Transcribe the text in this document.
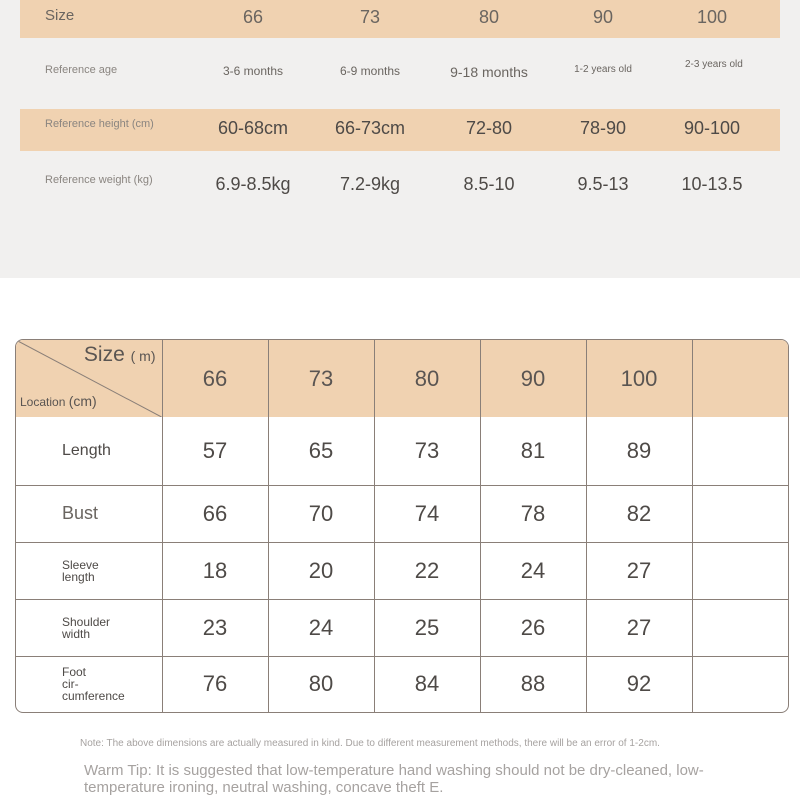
Size	66	73	80	90	100
Reference age	3-6 months	6-9 months	9-18 months	1-2 years old	2-3 years old
Reference height (cm)	60-68cm	66-73cm	72-80	78-90	90-100
Reference weight (kg)	6.9-8.5kg	7.2-9kg	8.5-10	9.5-13	10-13.5
Size ( m)
Location (cm)	66	73	80	90	100	
Length	57	65	73	81	89	
Bust	66	70	74	78	82	
Sleeve length	18	20	22	24	27	
Shoulder width	23	24	25	26	27	
Foot cir- cumference	76	80	84	88	92	
Note: The above dimensions are actually measured in kind. Due to different measurement methods, there will be an error of 1-2cm.
Warm Tip: It is suggested that low-temperature hand washing should not be dry-cleaned, low-temperature ironing, neutral washing, concave theft E.
